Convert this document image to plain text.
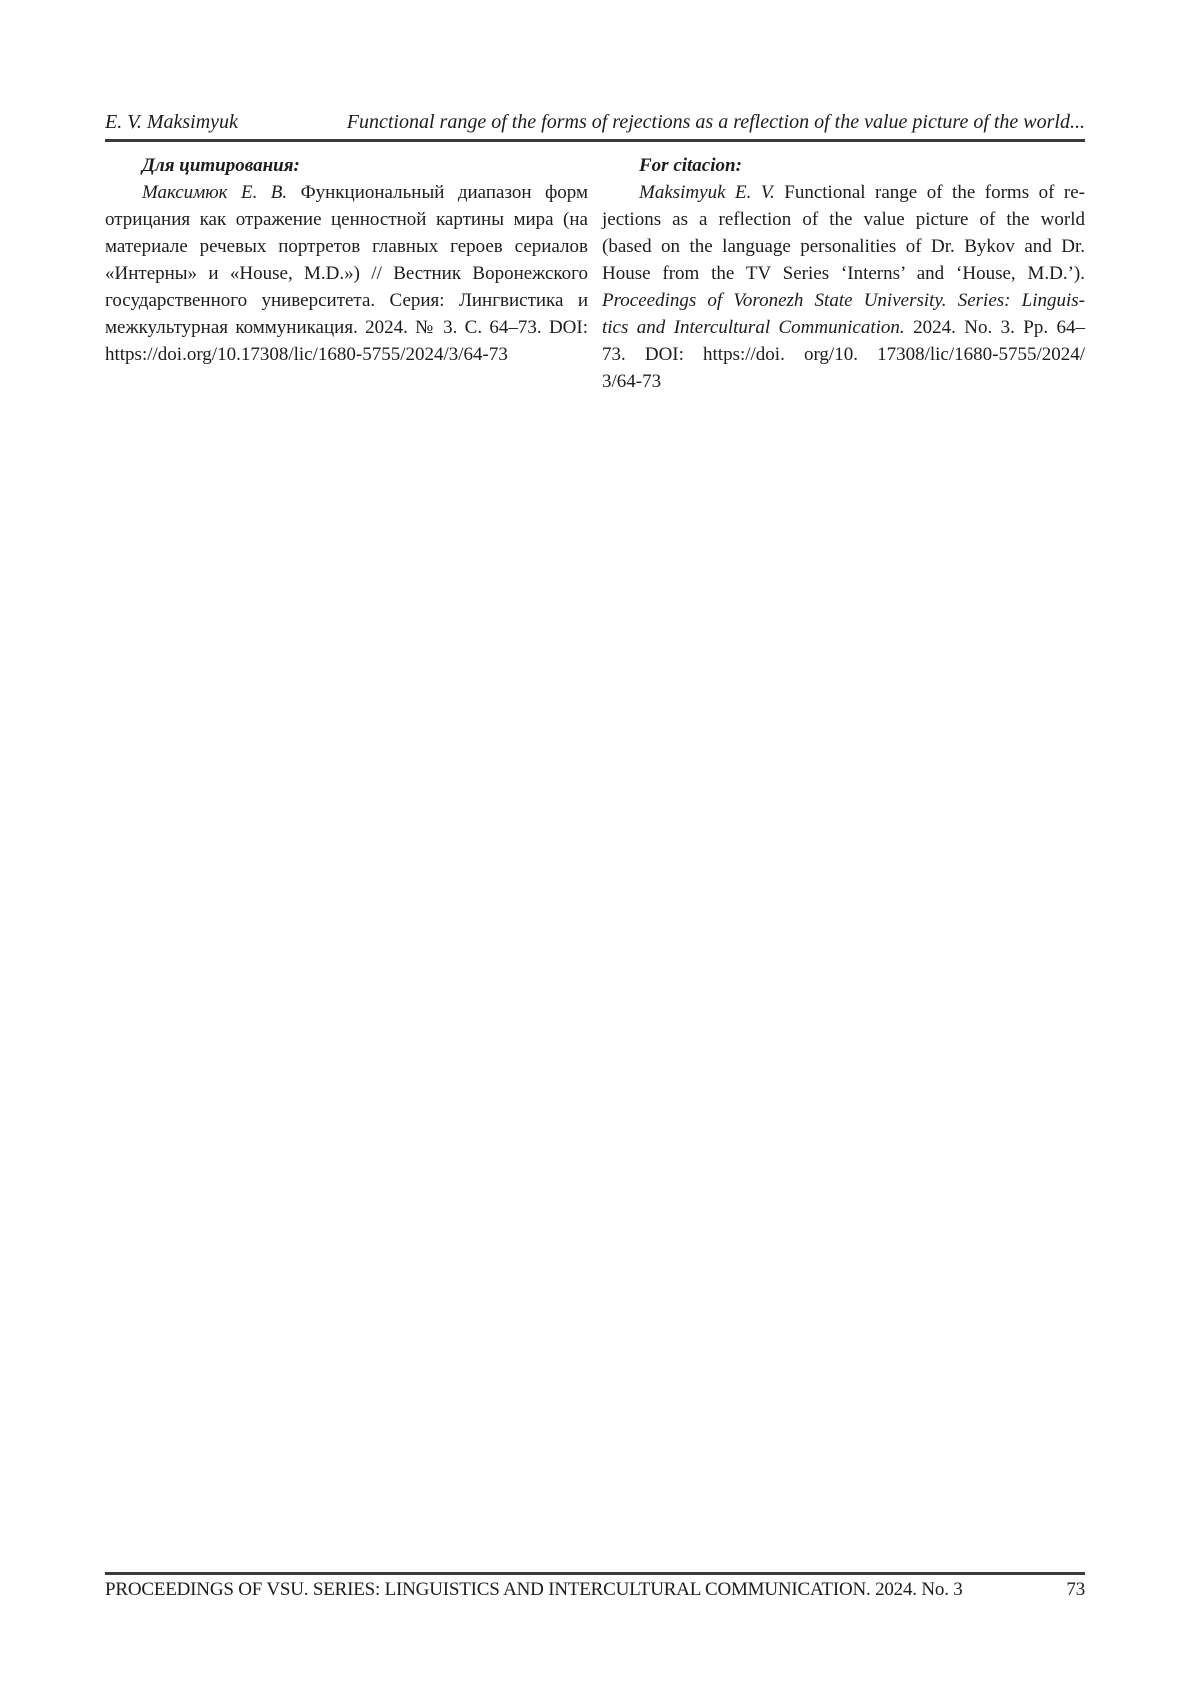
E. V. Maksimyuk	Functional range of the forms of rejections as a reflection of the value picture of the world...
Для цитирования:
Максимюк Е. В. Функциональный диапазон форм
отрицания как отражение ценностной картины мира (на
материале речевых портретов главных героев сериалов
«Интерны» и «House, M.D.») // Вестник Воронежского
государственного университета. Серия: Лингвистика и
межкультурная коммуникация. 2024. № 3. С. 64–73. DOI:
https://doi.org/10.17308/lic/1680-5755/2024/3/64-73
For citacion:
Maksimyuk E. V. Functional range of the forms of re-
jections as a reflection of the value picture of the world
(based on the language personalities of Dr. Bykov and Dr.
House from the TV Series ‘Interns’ and ‘House, M.D.’).
Proceedings of Voronezh State University. Series: Linguis-
tics and Intercultural Communication. 2024. No. 3. Pp. 64–
73. DOI: https://doi. org/10. 17308/lic/1680-5755/2024/
3/64-73
PROCEEDINGS OF VSU. SERIES: LINGUISTICS AND INTERCULTURAL COMMUNICATION. 2024. No. 3	73
